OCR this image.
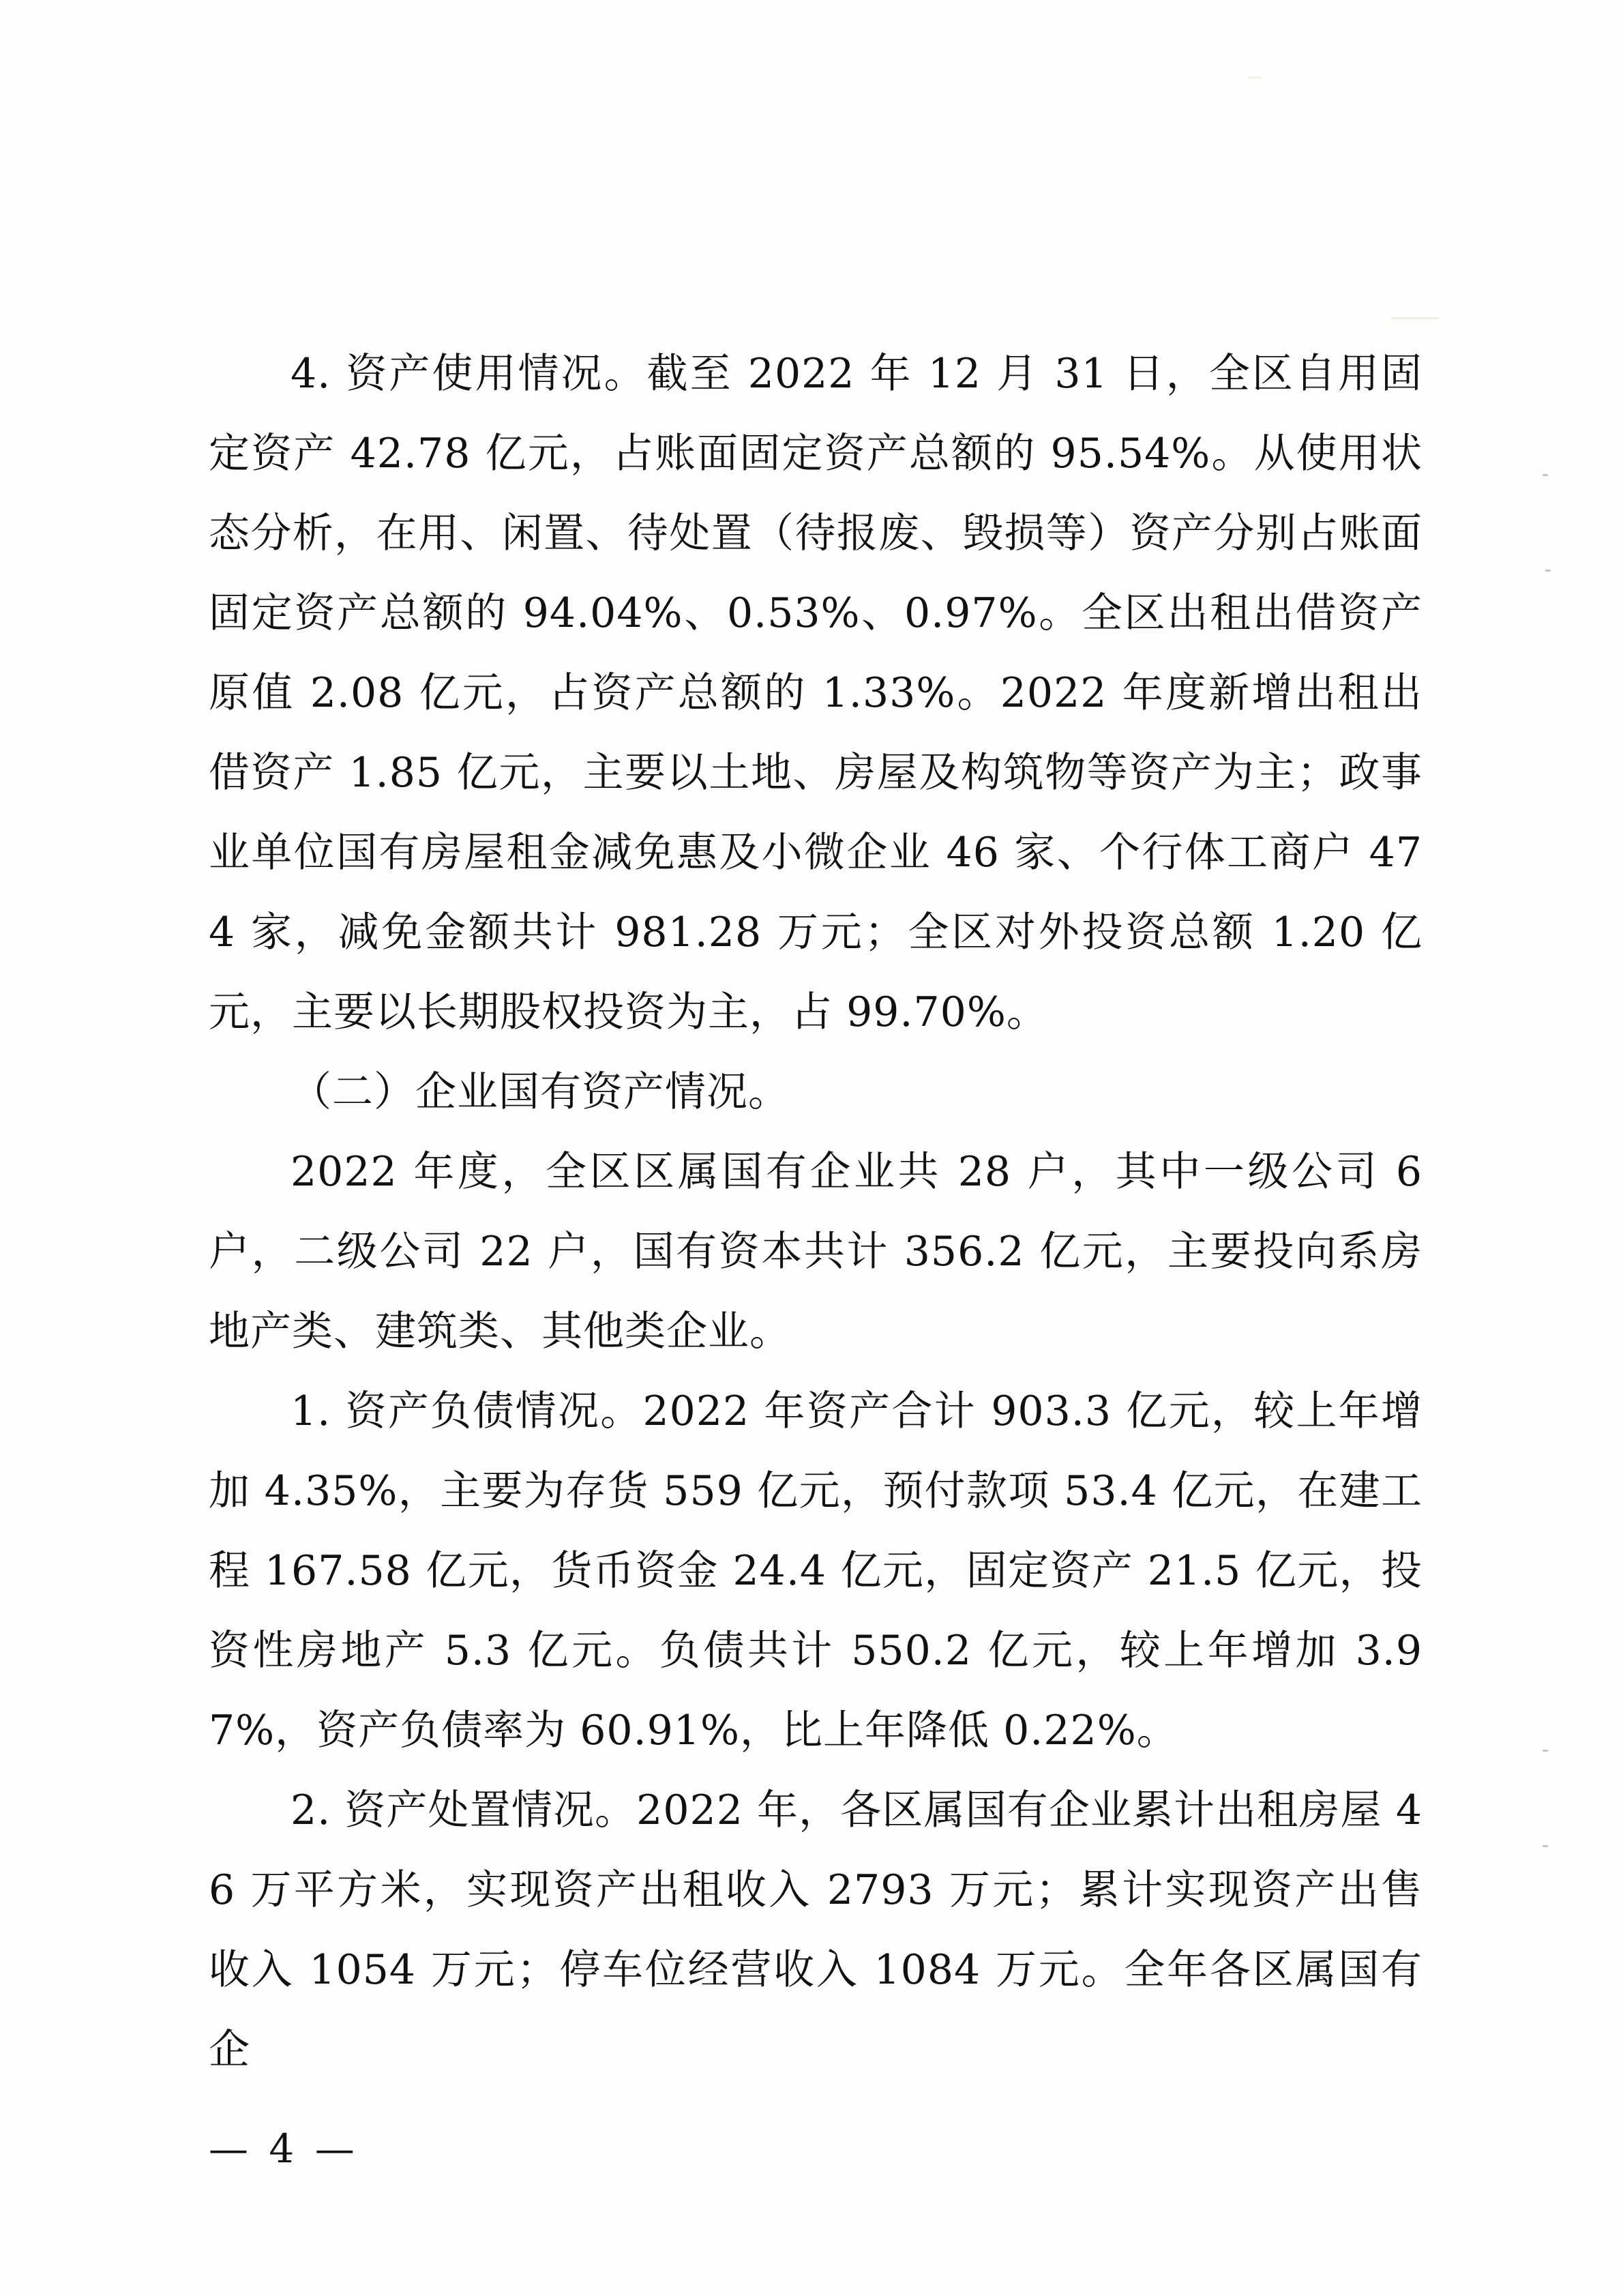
4. 资产使用情况。截至 2022 年 12 月 31 日，全区自用固定资产 42.78 亿元，占账面固定资产总额的 95.54%。从使用状态分析，在用、闲置、待处置（待报废、毁损等）资产分别占账面固定资产总额的 94.04%、0.53%、0.97%。全区出租出借资产原值 2.08 亿元，占资产总额的 1.33%。2022 年度新增出租出借资产 1.85 亿元，主要以土地、房屋及构筑物等资产为主；政事业单位国有房屋租金减免惠及小微企业 46 家、个行体工商户 474 家，减免金额共计 981.28 万元；全区对外投资总额 1.20 亿元，主要以长期股权投资为主，占 99.70%。

（二）企业国有资产情况。

2022 年度，全区区属国有企业共 28 户，其中一级公司 6 户，二级公司 22 户，国有资本共计 356.2 亿元，主要投向系房地产类、建筑类、其他类企业。

1. 资产负债情况。2022 年资产合计 903.3 亿元，较上年增加 4.35%，主要为存货 559 亿元，预付款项 53.4 亿元，在建工程 167.58 亿元，货币资金 24.4 亿元，固定资产 21.5 亿元，投资性房地产 5.3 亿元。负债共计 550.2 亿元，较上年增加 3.97%，资产负债率为 60.91%，比上年降低 0.22%。

2. 资产处置情况。2022 年，各区属国有企业累计出租房屋 46 万平方米，实现资产出租收入 2793 万元；累计实现资产出售收入 1054 万元；停车位经营收入 1084 万元。全年各区属国有企

— 4 —
